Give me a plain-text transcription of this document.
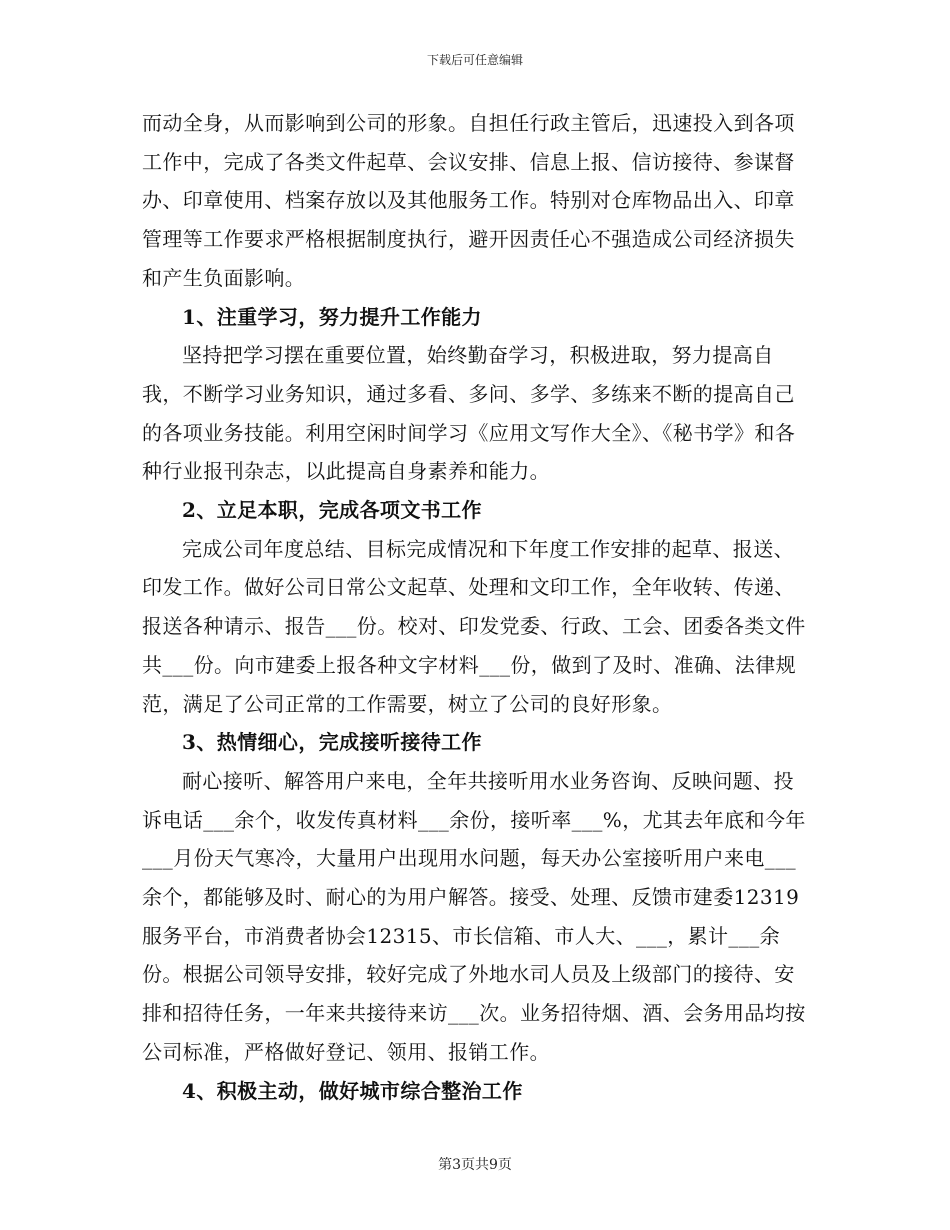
下载后可任意编辑

而动全身，从而影响到公司的形象。自担任行政主管后，迅速投入到各项工作中，完成了各类文件起草、会议安排、信息上报、信访接待、参谋督办、印章使用、档案存放以及其他服务工作。特别对仓库物品出入、印章管理等工作要求严格根据制度执行，避开因责任心不强造成公司经济损失和产生负面影响。

1、注重学习，努力提升工作能力

坚持把学习摆在重要位置，始终勤奋学习，积极进取，努力提高自我，不断学习业务知识，通过多看、多问、多学、多练来不断的提高自己的各项业务技能。利用空闲时间学习《应用文写作大全》、《秘书学》和各种行业报刊杂志，以此提高自身素养和能力。

2、立足本职，完成各项文书工作

完成公司年度总结、目标完成情况和下年度工作安排的起草、报送、印发工作。做好公司日常公文起草、处理和文印工作，全年收转、传递、报送各种请示、报告___份。校对、印发党委、行政、工会、团委各类文件共___份。向市建委上报各种文字材料___份，做到了及时、准确、法律规范，满足了公司正常的工作需要，树立了公司的良好形象。

3、热情细心，完成接听接待工作

耐心接听、解答用户来电，全年共接听用水业务咨询、反映问题、投诉电话___余个，收发传真材料___余份，接听率___%，尤其去年底和今年___月份天气寒冷，大量用户出现用水问题，每天办公室接听用户来电___余个，都能够及时、耐心的为用户解答。接受、处理、反馈市建委12319服务平台，市消费者协会12315、市长信箱、市人大、___，累计___余份。根据公司领导安排，较好完成了外地水司人员及上级部门的接待、安排和招待任务，一年来共接待来访___次。业务招待烟、酒、会务用品均按公司标准，严格做好登记、领用、报销工作。

4、积极主动，做好城市综合整治工作

第3页共9页
